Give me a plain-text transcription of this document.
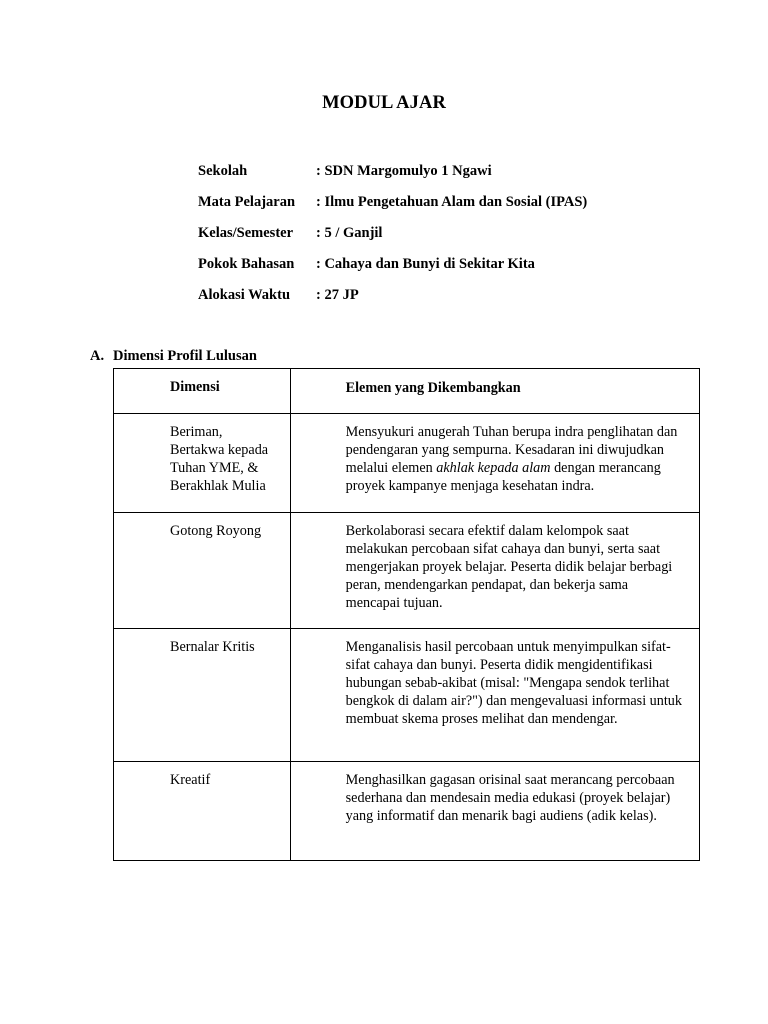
MODUL AJAR
Sekolah	: SDN Margomulyo 1 Ngawi
Mata Pelajaran	: Ilmu Pengetahuan Alam dan Sosial (IPAS)
Kelas/Semester	: 5 / Ganjil
Pokok Bahasan	: Cahaya dan Bunyi di Sekitar Kita
Alokasi Waktu	: 27 JP
A. Dimensi Profil Lulusan
Dimensi	Elemen yang Dikembangkan

Beriman, Bertakwa kepada Tuhan YME, & Berakhlak Mulia	Mensyukuri anugerah Tuhan berupa indra penglihatan dan pendengaran yang sempurna. Kesadaran ini diwujudkan melalui elemen akhlak kepada alam dengan merancang proyek kampanye menjaga kesehatan indra.

Gotong Royong	Berkolaborasi secara efektif dalam kelompok saat melakukan percobaan sifat cahaya dan bunyi, serta saat mengerjakan proyek belajar. Peserta didik belajar berbagi peran, mendengarkan pendapat, dan bekerja sama mencapai tujuan.

Bernalar Kritis	Menganalisis hasil percobaan untuk menyimpulkan sifat-sifat cahaya dan bunyi. Peserta didik mengidentifikasi hubungan sebab-akibat (misal: "Mengapa sendok terlihat bengkok di dalam air?") dan mengevaluasi informasi untuk membuat skema proses melihat dan mendengar.

Kreatif	Menghasilkan gagasan orisinal saat merancang percobaan sederhana dan mendesain media edukasi (proyek belajar) yang informatif dan menarik bagi audiens (adik kelas).
